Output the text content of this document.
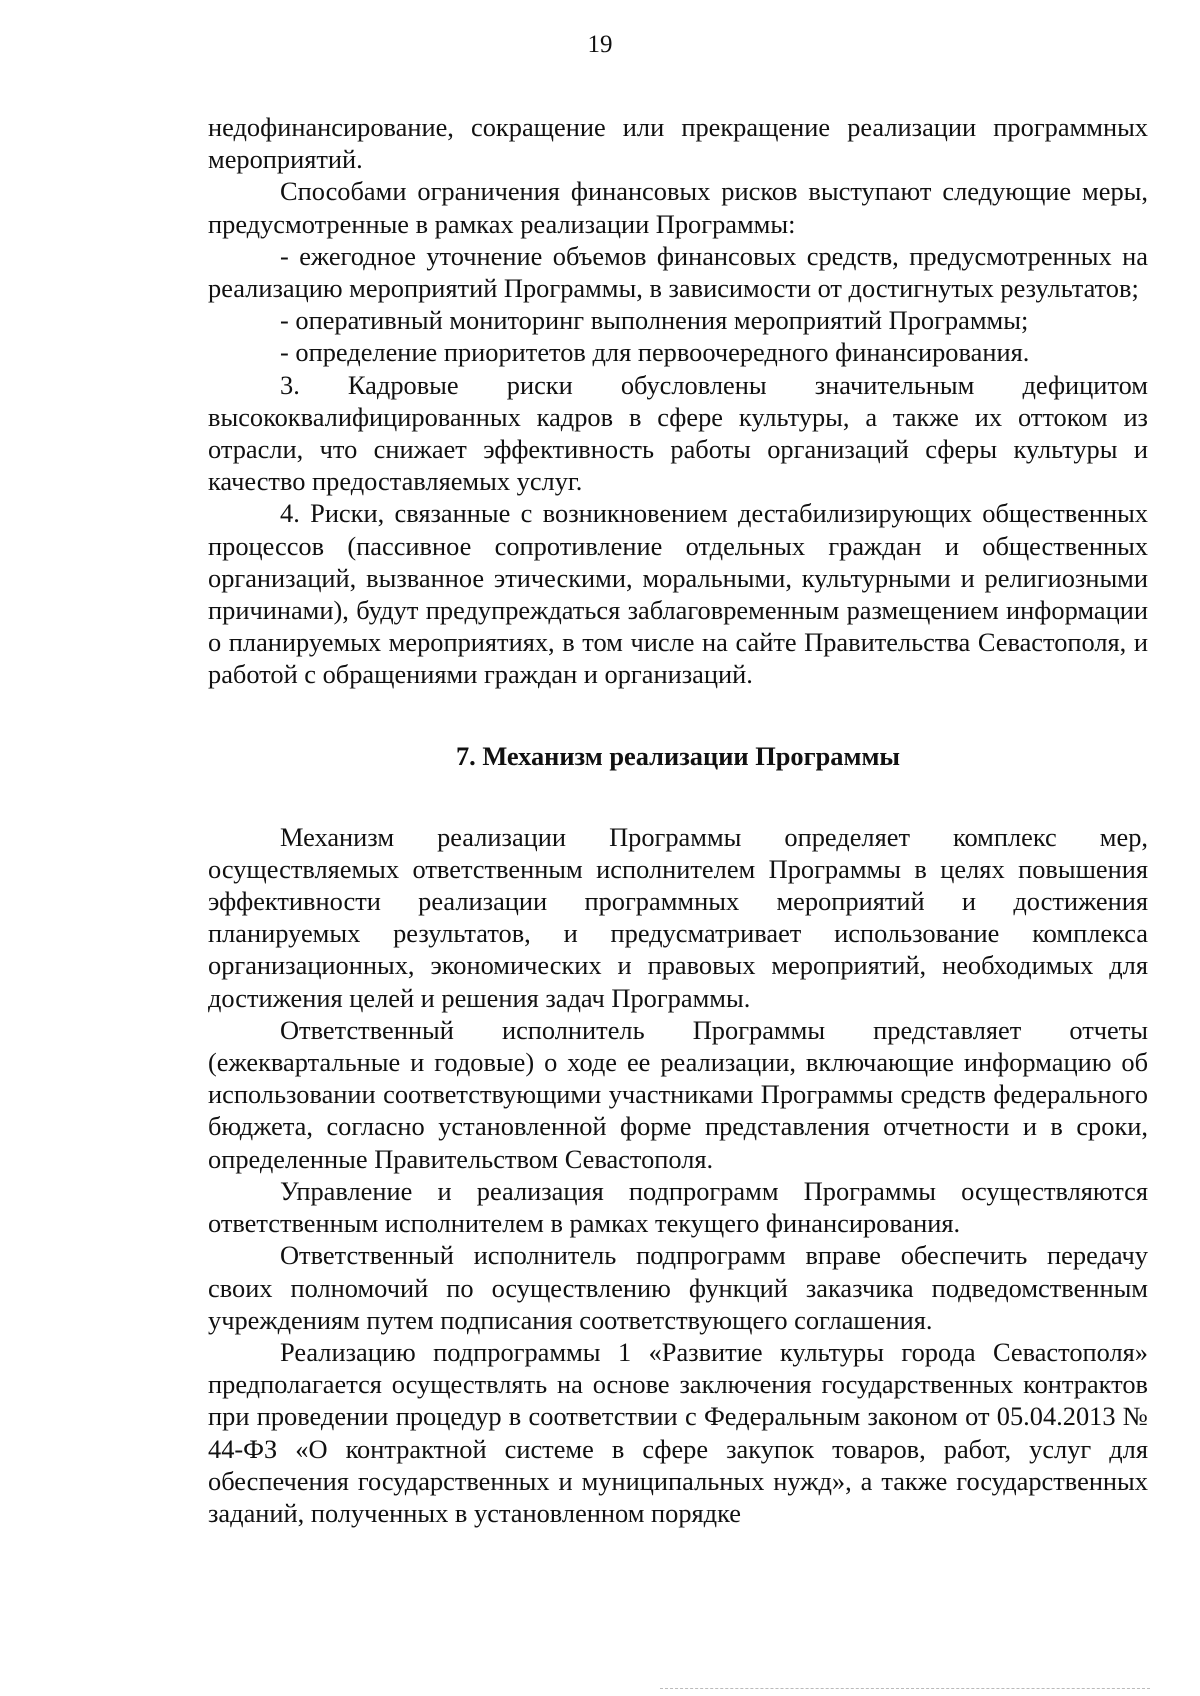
19

недофинансирование, сокращение или прекращение реализации программных мероприятий.

Способами ограничения финансовых рисков выступают следующие меры, предусмотренные в рамках реализации Программы:

- ежегодное уточнение объемов финансовых средств, предусмотренных на реализацию мероприятий Программы, в зависимости от достигнутых результатов;

- оперативный мониторинг выполнения мероприятий Программы;

- определение приоритетов для первоочередного финансирования.

3. Кадровые риски обусловлены значительным дефицитом высококвалифицированных кадров в сфере культуры, а также их оттоком из отрасли, что снижает эффективность работы организаций сферы культуры и качество предоставляемых услуг.

4. Риски, связанные с возникновением дестабилизирующих общественных процессов (пассивное сопротивление отдельных граждан и общественных организаций, вызванное этическими, моральными, культурными и религиозными причинами), будут предупреждаться заблаговременным размещением информации о планируемых мероприятиях, в том числе на сайте Правительства Севастополя, и работой с обращениями граждан и организаций.

7. Механизм реализации Программы

Механизм реализации Программы определяет комплекс мер, осуществляемых ответственным исполнителем Программы в целях повышения эффективности реализации программных мероприятий и достижения планируемых результатов, и предусматривает использование комплекса организационных, экономических и правовых мероприятий, необходимых для достижения целей и решения задач Программы.

Ответственный исполнитель Программы представляет отчеты (ежеквартальные и годовые) о ходе ее реализации, включающие информацию об использовании соответствующими участниками Программы средств федерального бюджета, согласно установленной форме представления отчетности и в сроки, определенные Правительством Севастополя.

Управление и реализация подпрограмм Программы осуществляются ответственным исполнителем в рамках текущего финансирования.

Ответственный исполнитель подпрограмм вправе обеспечить передачу своих полномочий по осуществлению функций заказчика подведомственным учреждениям путем подписания соответствующего соглашения.

Реализацию подпрограммы 1 «Развитие культуры города Севастополя» предполагается осуществлять на основе заключения государственных контрактов при проведении процедур в соответствии с Федеральным законом от 05.04.2013 № 44-ФЗ «О контрактной системе в сфере закупок товаров, работ, услуг для обеспечения государственных и муниципальных нужд», а также государственных заданий, полученных в установленном порядке
